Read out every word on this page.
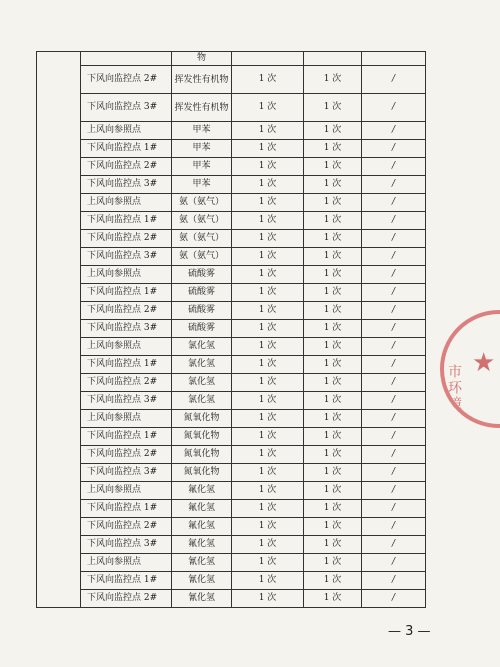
		物			
	下风向监控点 2#	挥发性有机物	1 次	1 次	/
	下风向监控点 3#	挥发性有机物	1 次	1 次	/
	上风向参照点	甲苯	1 次	1 次	/
	下风向监控点 1#	甲苯	1 次	1 次	/
	下风向监控点 2#	甲苯	1 次	1 次	/
	下风向监控点 3#	甲苯	1 次	1 次	/
	上风向参照点	氨（氨气）	1 次	1 次	/
	下风向监控点 1#	氨（氨气）	1 次	1 次	/
	下风向监控点 2#	氨（氨气）	1 次	1 次	/
	下风向监控点 3#	氨（氨气）	1 次	1 次	/
	上风向参照点	硫酸雾	1 次	1 次	/
	下风向监控点 1#	硫酸雾	1 次	1 次	/
	下风向监控点 2#	硫酸雾	1 次	1 次	/
	下风向监控点 3#	硫酸雾	1 次	1 次	/
	上风向参照点	氯化氢	1 次	1 次	/
	下风向监控点 1#	氯化氢	1 次	1 次	/
	下风向监控点 2#	氯化氢	1 次	1 次	/
	下风向监控点 3#	氯化氢	1 次	1 次	/
	上风向参照点	氮氧化物	1 次	1 次	/
	下风向监控点 1#	氮氧化物	1 次	1 次	/
	下风向监控点 2#	氮氧化物	1 次	1 次	/
	下风向监控点 3#	氮氧化物	1 次	1 次	/
	上风向参照点	氟化氢	1 次	1 次	/
	下风向监控点 1#	氟化氢	1 次	1 次	/
	下风向监控点 2#	氟化氢	1 次	1 次	/
	下风向监控点 3#	氟化氢	1 次	1 次	/
	上风向参照点	氰化氢	1 次	1 次	/
	下风向监控点 1#	氰化氢	1 次	1 次	/
	下风向监控点 2#	氰化氢	1 次	1 次	/
市环境
★
— 3 —
